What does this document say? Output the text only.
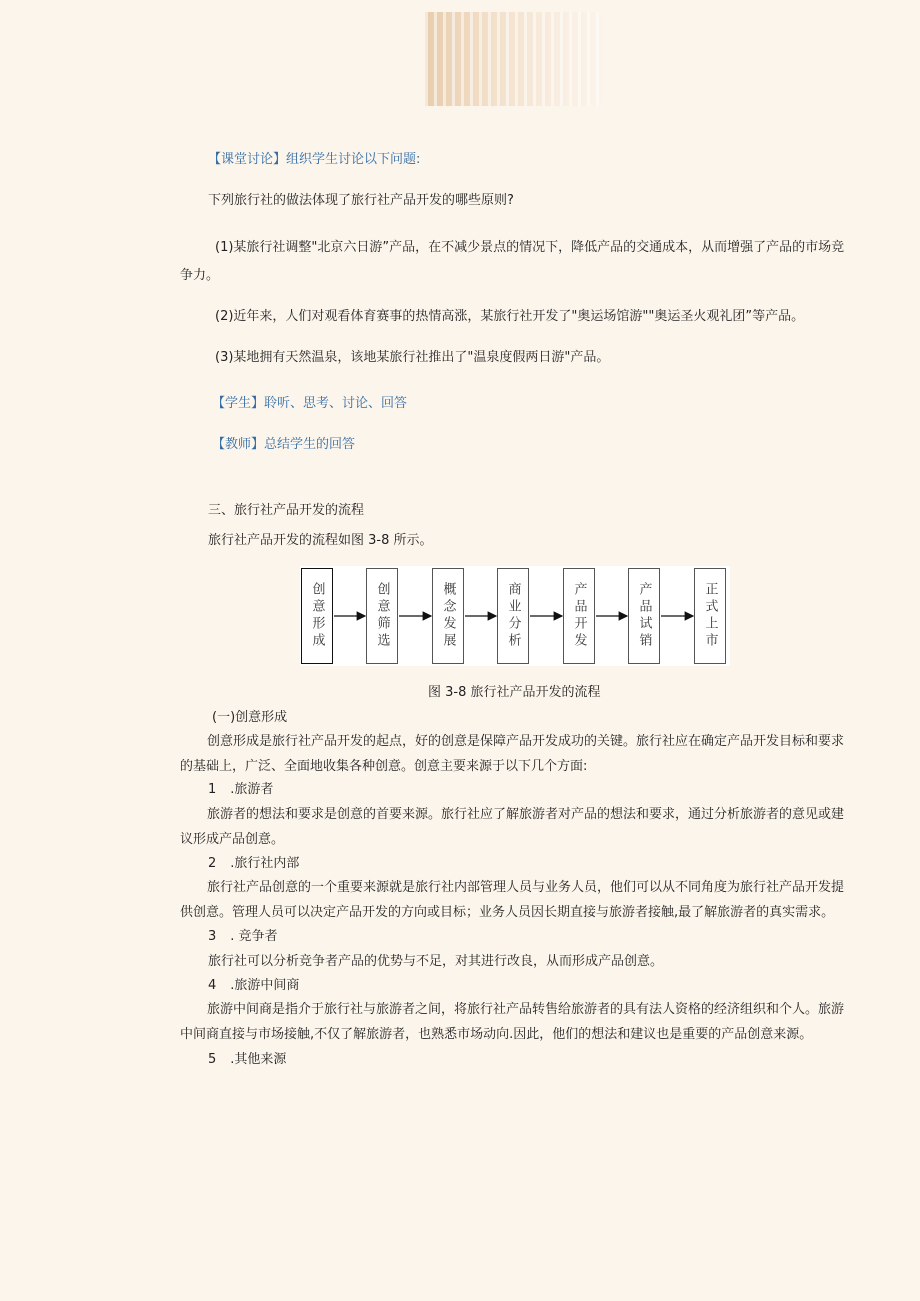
【课堂讨论】组织学生讨论以下问题:
下列旅行社的做法体现了旅行社产品开发的哪些原则?
(1)某旅行社调整"北京六日游”产品，在不减少景点的情况下，降低产品的交通成本，从而增强了产品的市场竞争力。
(2)近年来，人们对观看体育赛事的热情高涨，某旅行社开发了"奥运场馆游""奥运圣火观礼团”等产品。
(3)某地拥有天然温泉，该地某旅行社推出了"温泉度假两日游"产品。
【学生】聆听、思考、讨论、回答
【教师】总结学生的回答
三、旅行社产品开发的流程
旅行社产品开发的流程如图 3-8 所示。
创意形成	创意筛选	概念发展	商业分析	产品开发	产品试销	正式上市
图 3-8 旅行社产品开发的流程
(一)创意形成
创意形成是旅行社产品开发的起点，好的创意是保障产品开发成功的关键。旅行社应在确定产品开发目标和要求的基础上，广泛、全面地收集各种创意。创意主要来源于以下几个方面:
1 .旅游者
旅游者的想法和要求是创意的首要来源。旅行社应了解旅游者对产品的想法和要求，通过分析旅游者的意见或建议形成产品创意。
2 .旅行社内部
旅行社产品创意的一个重要来源就是旅行社内部管理人员与业务人员，他们可以从不同角度为旅行社产品开发提供创意。管理人员可以决定产品开发的方向或目标；业务人员因长期直接与旅游者接触,最了解旅游者的真实需求。
3 . 竞争者
旅行社可以分析竞争者产品的优势与不足，对其进行改良，从而形成产品创意。
4 .旅游中间商
旅游中间商是指介于旅行社与旅游者之间，将旅行社产品转售给旅游者的具有法人资格的经济组织和个人。旅游中间商直接与市场接触,不仅了解旅游者，也熟悉市场动向.因此，他们的想法和建议也是重要的产品创意来源。
5 .其他来源
